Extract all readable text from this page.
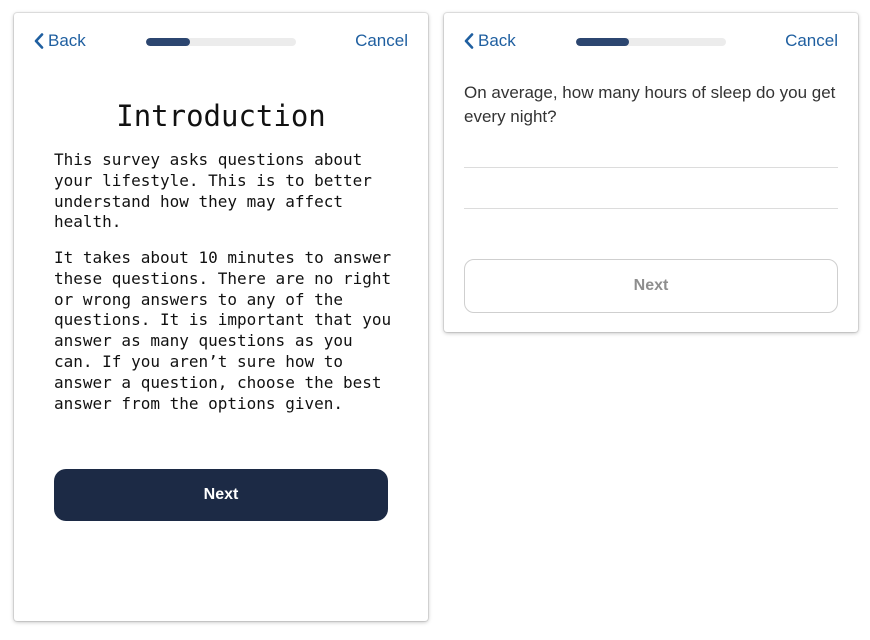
Back	Cancel
Introduction

This survey asks questions about your lifestyle. This is to better understand how they may affect health.

It takes about 10 minutes to answer these questions. There are no right or wrong answers to any of the questions. It is important that you answer as many questions as you can. If you aren’t sure how to answer a question, choose the best answer from the options given.

Next
Back	Cancel

On average, how many hours of sleep do you get every night?

Next
